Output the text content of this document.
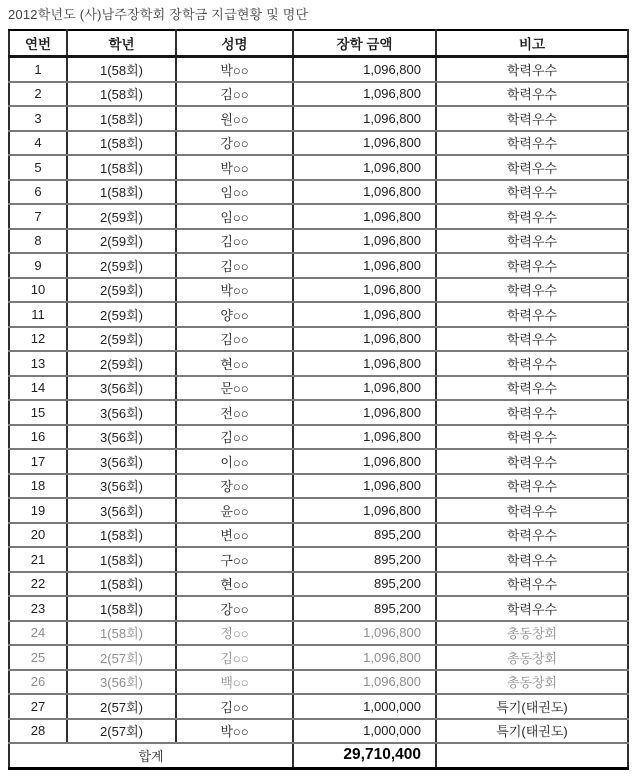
2012학년도 (사)남주장학회 장학금 지급현황 및 명단
연번	학년	성명	장학 금액	비고
1	1(58회)	박○○	1,096,800	학력우수
2	1(58회)	김○○	1,096,800	학력우수
3	1(58회)	원○○	1,096,800	학력우수
4	1(58회)	강○○	1,096,800	학력우수
5	1(58회)	박○○	1,096,800	학력우수
6	1(58회)	임○○	1,096,800	학력우수
7	2(59회)	임○○	1,096,800	학력우수
8	2(59회)	김○○	1,096,800	학력우수
9	2(59회)	김○○	1,096,800	학력우수
10	2(59회)	박○○	1,096,800	학력우수
11	2(59회)	양○○	1,096,800	학력우수
12	2(59회)	김○○	1,096,800	학력우수
13	2(59회)	현○○	1,096,800	학력우수
14	3(56회)	문○○	1,096,800	학력우수
15	3(56회)	전○○	1,096,800	학력우수
16	3(56회)	김○○	1,096,800	학력우수
17	3(56회)	이○○	1,096,800	학력우수
18	3(56회)	장○○	1,096,800	학력우수
19	3(56회)	윤○○	1,096,800	학력우수
20	1(58회)	변○○	895,200	학력우수
21	1(58회)	구○○	895,200	학력우수
22	1(58회)	현○○	895,200	학력우수
23	1(58회)	강○○	895,200	학력우수
24	1(58회)	정○○	1,096,800	총동창회
25	2(57회)	김○○	1,096,800	총동창회
26	3(56회)	백○○	1,096,800	총동창회
27	2(57회)	김○○	1,000,000	특기(태권도)
28	2(57회)	박○○	1,000,000	특기(태권도)
합계			29,710,400	
